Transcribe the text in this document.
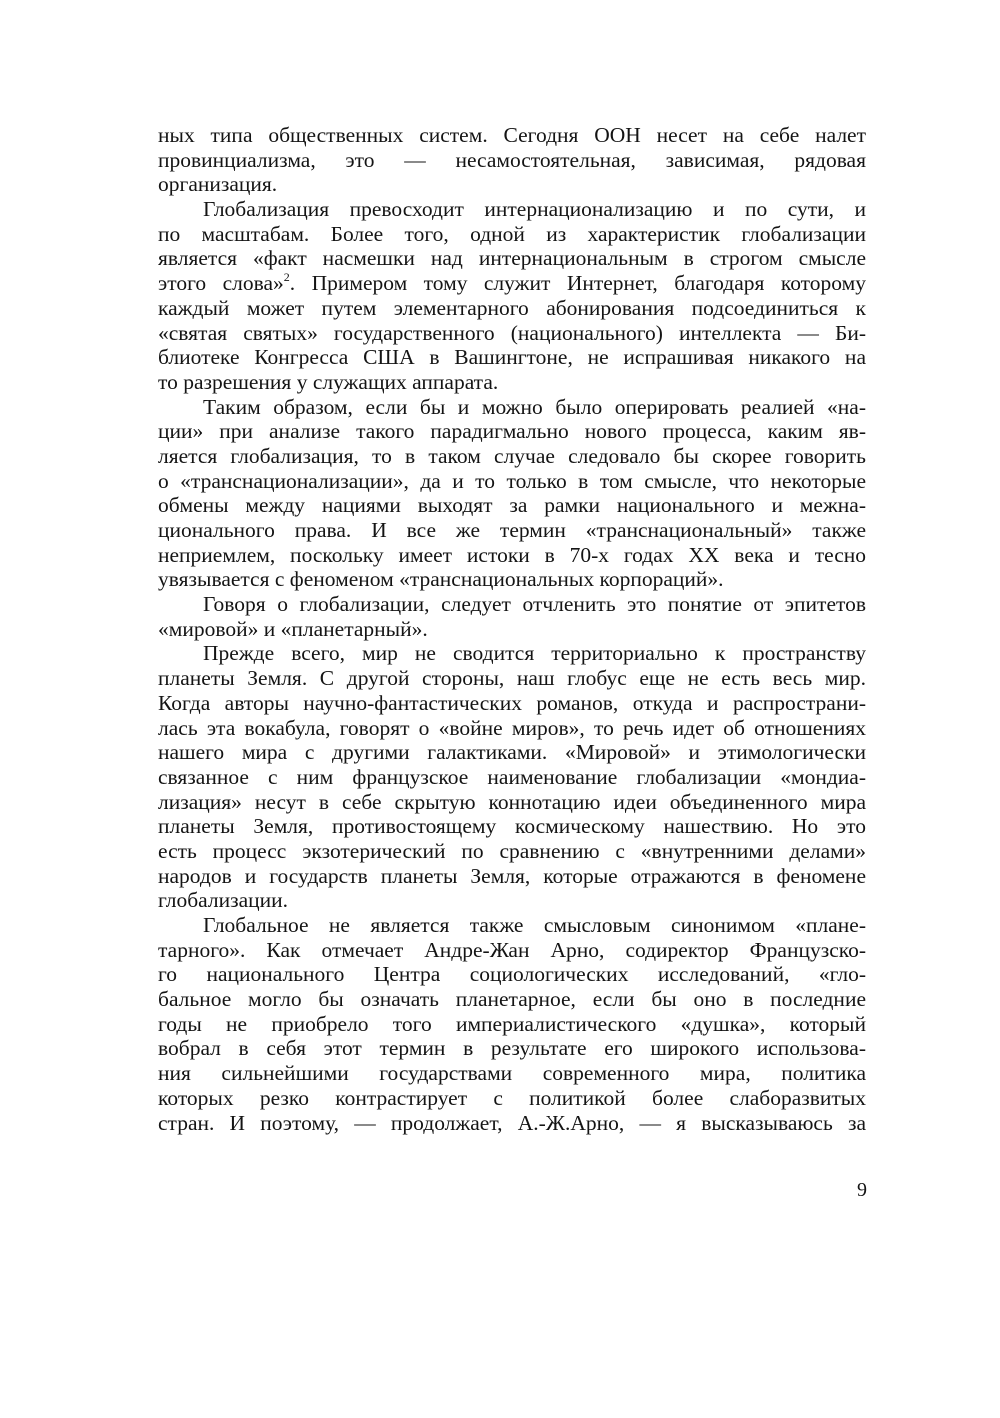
ных типа общественных систем. Сегодня ООН несет на себе налет
провинциализма, это — несамостоятельная, зависимая, рядовая
организация.
Глобализация превосходит интернационализацию и по сути, и
по масштабам. Более того, одной из характеристик глобализации
является «факт насмешки над интернациональным в строгом смысле
этого слова»$^2$. Примером тому служит Интернет, благодаря которому
каждый может путем элементарного абонирования подсоединиться к
«святая святых» государственного (национального) интеллекта — Би-
блиотеке Конгресса США в Вашингтоне, не испрашивая никакого на
то разрешения у служащих аппарата.
Таким образом, если бы и можно было оперировать реалией «на-
ции» при анализе такого парадигмально нового процесса, каким яв-
ляется глобализация, то в таком случае следовало бы скорее говорить
о «транснационализации», да и то только в том смысле, что некоторые
обмены между нациями выходят за рамки национального и межна-
ционального права. И все же термин «транснациональный» также
неприемлем, поскольку имеет истоки в 70-х годах XX века и тесно
увязывается с феноменом «транснациональных корпораций».
Говоря о глобализации, следует отчленить это понятие от эпитетов
«мировой» и «планетарный».
Прежде всего, мир не сводится территориально к пространству
планеты Земля. С другой стороны, наш глобус еще не есть весь мир.
Когда авторы научно-фантастических романов, откуда и распространи-
лась эта вокабула, говорят о «войне миров», то речь идет об отношениях
нашего мира с другими галактиками. «Мировой» и этимологически
связанное с ним французское наименование глобализации «мондиа-
лизация» несут в себе скрытую коннотацию идеи объединенного мира
планеты Земля, противостоящему космическому нашествию. Но это
есть процесс экзотерический по сравнению с «внутренними делами»
народов и государств планеты Земля, которые отражаются в феномене
глобализации.
Глобальное не является также смысловым синонимом «плане-
тарного». Как отмечает Андре-Жан Арно, содиректор Французско-
го национального Центра социологических исследований, «гло-
бальное могло бы означать планетарное, если бы оно в последние
годы не приобрело того империалистического «душка», который
вобрал в себя этот термин в результате его широкого использова-
ния сильнейшими государствами современного мира, политика
которых резко контрастирует с политикой более слаборазвитых
стран. И поэтому, — продолжает, А.-Ж.Арно, — я высказываюсь за
9
